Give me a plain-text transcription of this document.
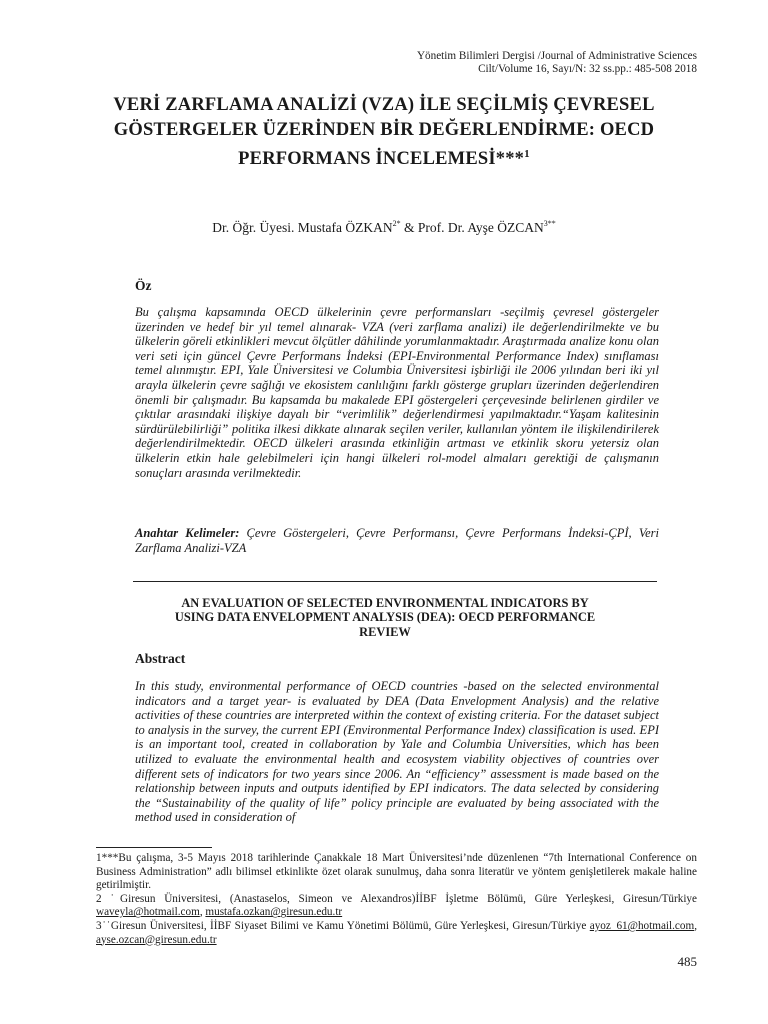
Yönetim Bilimleri Dergisi /Journal of Administrative Sciences
Cilt/Volume 16, Sayı/N: 32 ss.pp.: 485-508 2018
VERİ ZARFLAMA ANALİZİ (VZA) İLE SEÇİLMİŞ ÇEVRESEL
GÖSTERGELER ÜZERİNDEN BİR DEĞERLENDİRME: OECD
PERFORMANS İNCELEMESİ***$^1$
Dr. Öğr. Üyesi. Mustafa $ÖZKAN^{2*}$ & Prof. Dr. Ayşe $ÖZCAN^{3**}$
Öz
Bu çalışma kapsamında OECD ülkelerinin çevre performansları -seçilmiş çevresel göstergeler üzerinden ve hedef bir yıl temel alınarak- VZA (veri zarflama analizi) ile değerlendirilmekte ve bu ülkelerin göreli etkinlikleri mevcut ölçütler dâhilinde yorumlanmaktadır. Araştırmada analize konu olan veri seti için güncel Çevre Performans İndeksi (EPI-Environmental Performance Index) sınıflaması temel alınmıştır. EPI, Yale Üniversitesi ve Columbia Üniversitesi işbirliği ile 2006 yılından beri iki yıl arayla ülkelerin çevre sağlığı ve ekosistem canlılığını farklı gösterge grupları üzerinden değerlendiren önemli bir çalışmadır. Bu kapsamda bu makalede EPI göstergeleri çerçevesinde belirlenen girdiler ve çıktılar arasındaki ilişkiye dayalı bir “verimlilik” değerlendirmesi yapılmaktadır.“Yaşam kalitesinin sürdürülebilirliği” politika ilkesi dikkate alınarak seçilen veriler, kullanılan yöntem ile ilişkilendirilerek değerlendirilmektedir. OECD ülkeleri arasında etkinliğin artması ve etkinlik skoru yetersiz olan ülkelerin etkin hale gelebilmeleri için hangi ülkeleri rol-model almaları gerektiği de çalışmanın sonuçları arasında verilmektedir.
Anahtar Kelimeler: Çevre Göstergeleri, Çevre Performansı, Çevre Performans İndeksi-ÇPİ, Veri Zarflama Analizi-VZA
AN EVALUATION OF SELECTED ENVIRONMENTAL INDICATORS BY
USING DATA ENVELOPMENT ANALYSIS (DEA): OECD PERFORMANCE
REVIEW
Abstract
In this study, environmental performance of OECD countries -based on the selected environmental indicators and a target year- is evaluated by DEA (Data Envelopment Analysis) and the relative activities of these countries are interpreted within the context of existing criteria. For the dataset subject to analysis in the survey, the current EPI (Environmental Performance Index) classification is used. EPI is an important tool, created in collaboration by Yale and Columbia Universities, which has been utilized to evaluate the environmental health and ecosystem viability objectives of countries over different sets of indicators for two years since 2006. An “efficiency” assessment is made based on the relationship between inputs and outputs identified by EPI indicators. The data selected by considering the “Sustainability of the quality of life” policy principle are evaluated by being associated with the method used in consideration of

1***Bu çalışma, 3-5 Mayıs 2018 tarihlerinde Çanakkale 18 Mart Üniversitesi’nde düzenlenen “7th International Conference on Business Administration” adlı bilimsel etkinlikte özet olarak sunulmuş, daha sonra literatür ve yöntem genişletilerek makale haline getirilmiştir.

2 ˙Giresun Üniversitesi, (Anastaselos, Simeon ve Alexandros)İİBF İşletme Bölümü, Güre Yerleşkesi, Giresun/Türkiye waveyla@hotmail.com, mustafa.ozkan@giresun.edu.tr

3˙˙Giresun Üniversitesi, İİBF Siyaset Bilimi ve Kamu Yönetimi Bölümü, Güre Yerleşkesi, Giresun/Türkiye ayoz_61@hotmail.com, ayse.ozcan@giresun.edu.tr

485
